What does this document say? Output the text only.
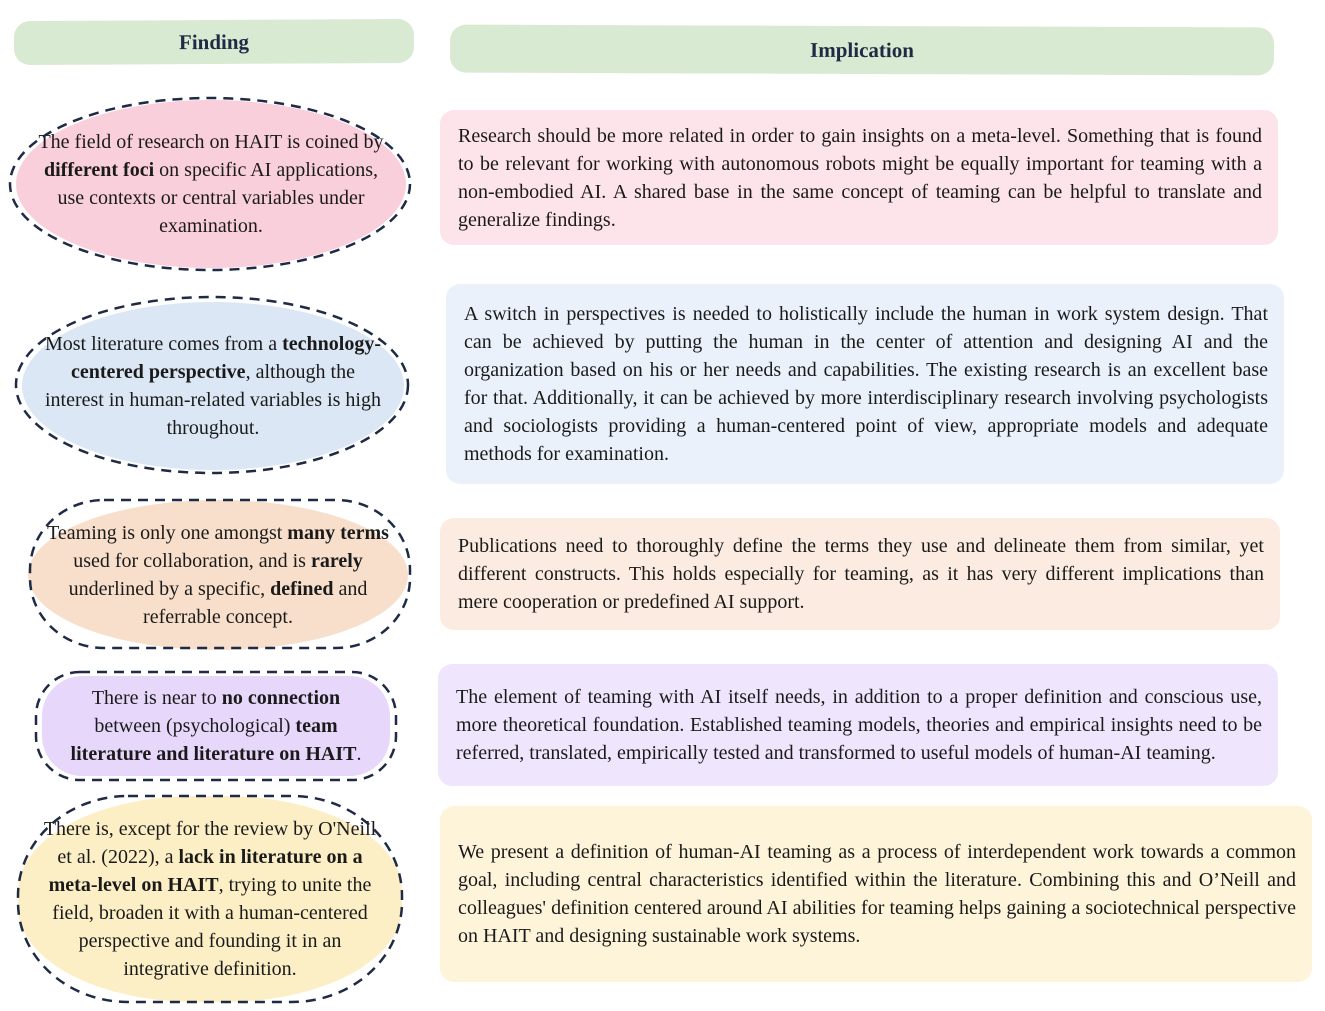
Finding	Implication
The field of research on HAIT is coined by different foci on specific AI applications, use contexts or central variables under examination.
Research should be more related in order to gain insights on a meta-level. Something that is found to be relevant for working with autonomous robots might be equally important for teaming with a non-embodied AI. A shared base in the same concept of teaming can be helpful to translate and generalize findings.
Most literature comes from a technology-centered perspective, although the interest in human-related variables is high throughout.
A switch in perspectives is needed to holistically include the human in work system design. That can be achieved by putting the human in the center of attention and designing AI and the organization based on his or her needs and capabilities. The existing research is an excellent base for that. Additionally, it can be achieved by more interdisciplinary research involving psychologists and sociologists providing a human-centered point of view, appropriate models and adequate methods for examination.
Teaming is only one amongst many terms used for collaboration, and is rarely underlined by a specific, defined and referrable concept.
Publications need to thoroughly define the terms they use and delineate them from similar, yet different constructs. This holds especially for teaming, as it has very different implications than mere cooperation or predefined AI support.
There is near to no connection between (psychological) team literature and literature on HAIT.
The element of teaming with AI itself needs, in addition to a proper definition and conscious use, more theoretical foundation. Established teaming models, theories and empirical insights need to be referred, translated, empirically tested and transformed to useful models of human-AI teaming.
There is, except for the review by O'Neill et al. (2022), a lack in literature on a meta-level on HAIT, trying to unite the field, broaden it with a human-centered perspective and founding it in an integrative definition.
We present a definition of human-AI teaming as a process of interdependent work towards a common goal, including central characteristics identified within the literature. Combining this and O’Neill and colleagues' definition centered around AI abilities for teaming helps gaining a sociotechnical perspective on HAIT and designing sustainable work systems.
